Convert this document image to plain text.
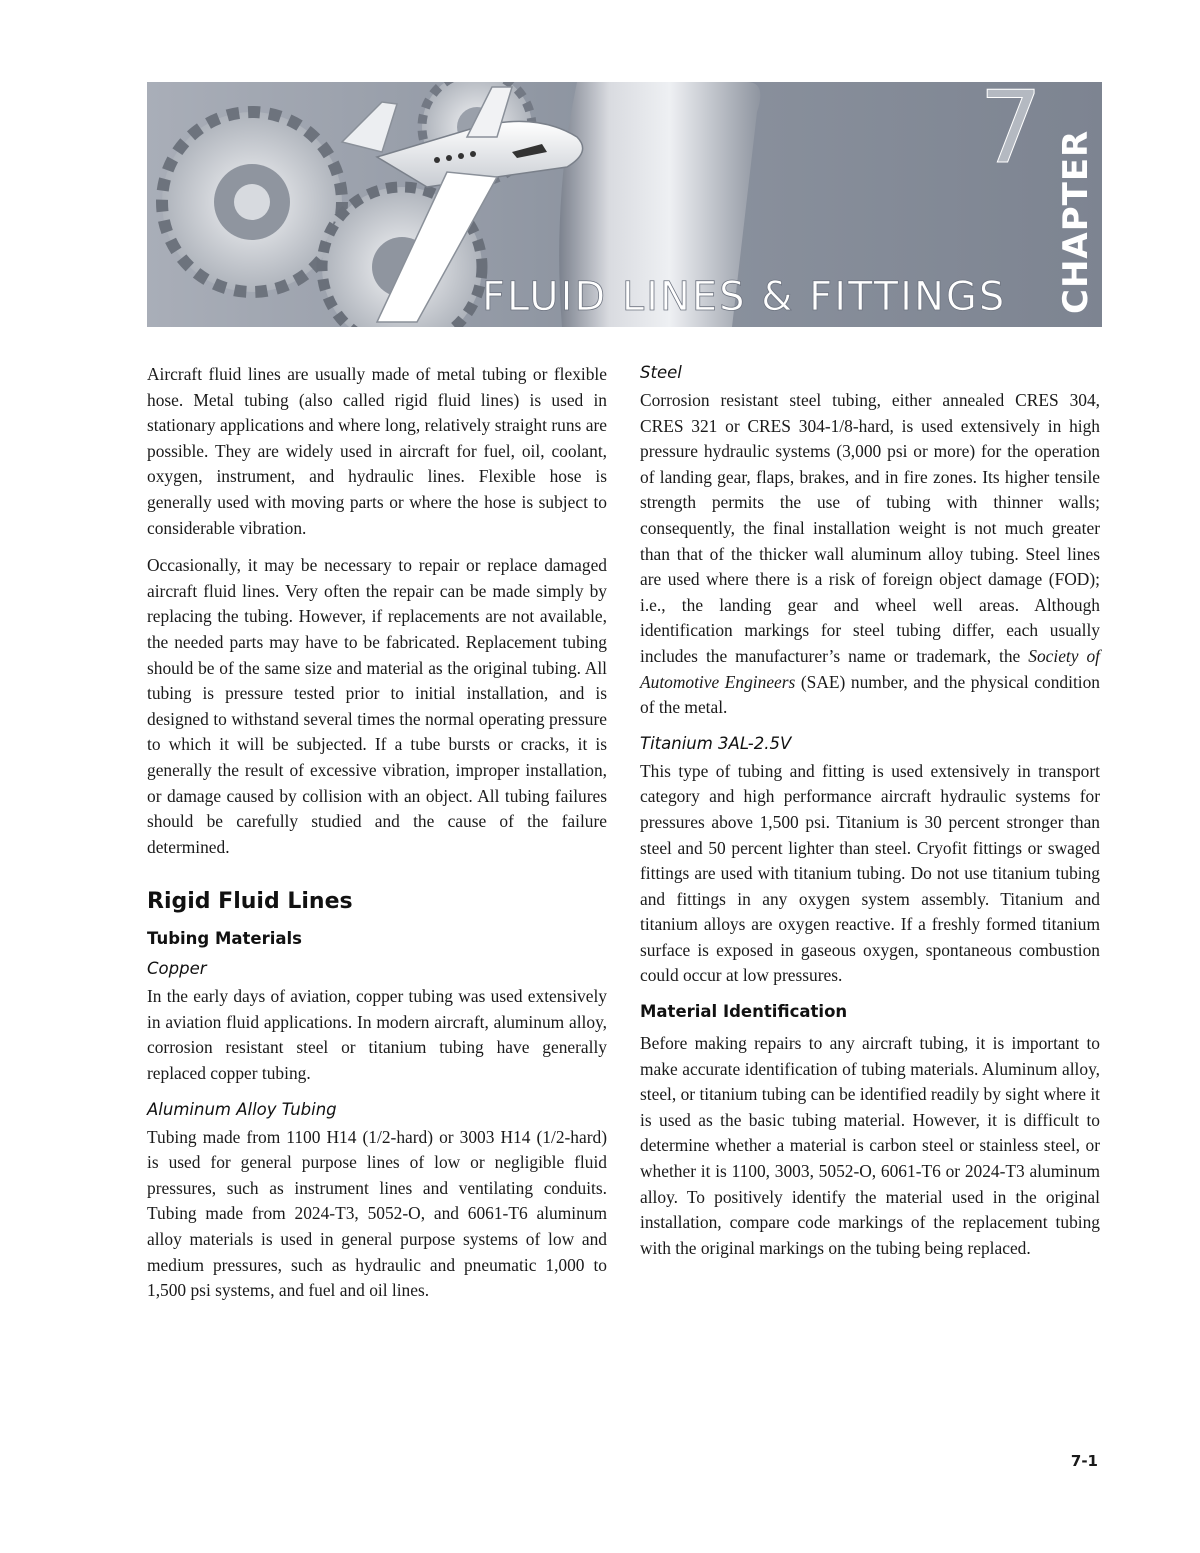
FLUID LINES & FITTINGS CHAPTER
7

Aircraft fluid lines are usually made of metal tubing or flexible hose. Metal tubing (also called rigid fluid lines) is used in stationary applications and where long, relatively straight runs are possible. They are widely used in aircraft for fuel, oil, coolant, oxygen, instrument, and hydraulic lines. Flexible hose is generally used with moving parts or where the hose is subject to considerable vibration.

Occasionally, it may be necessary to repair or replace damaged aircraft fluid lines. Very often the repair can be made simply by replacing the tubing. However, if replacements are not available, the needed parts may have to be fabricated. Replacement tubing should be of the same size and material as the original tubing. All tubing is pressure tested prior to initial installation, and is designed to withstand several times the normal operating pressure to which it will be subjected. If a tube bursts or cracks, it is generally the result of excessive vibration, improper installation, or damage caused by collision with an object. All tubing failures should be carefully studied and the cause of the failure determined.

Rigid Fluid Lines
Tubing Materials
Copper

In the early days of aviation, copper tubing was used extensively in aviation fluid applications. In modern aircraft, aluminum alloy, corrosion resistant steel or titanium tubing have generally replaced copper tubing.

Aluminum Alloy Tubing

Tubing made from 1100 H14 (1/2-hard) or 3003 H14 (1/2-hard) is used for general purpose lines of low or negligible fluid pressures, such as instrument lines and ventilating conduits. Tubing made from 2024-T3, 5052-O, and 6061-T6 aluminum alloy materials is used in general purpose systems of low and medium pressures, such as hydraulic and pneumatic 1,000 to 1,500 psi systems, and fuel and oil lines.

Steel

Corrosion resistant steel tubing, either annealed CRES 304, CRES 321 or CRES 304-1/8-hard, is used extensively in high pressure hydraulic systems (3,000 psi or more) for the operation of landing gear, flaps, brakes, and in fire zones. Its higher tensile strength permits the use of tubing with thinner walls; consequently, the final installation weight is not much greater than that of the thicker wall aluminum alloy tubing. Steel lines are used where there is a risk of foreign object damage (FOD); i.e., the landing gear and wheel well areas. Although identification markings for steel tubing differ, each usually includes the manufacturer’s name or trademark, the Society of Automotive Engineers (SAE) number, and the physical condition of the metal.

Titanium 3AL-2.5V

This type of tubing and fitting is used extensively in transport category and high performance aircraft hydraulic systems for pressures above 1,500 psi. Titanium is 30 percent stronger than steel and 50 percent lighter than steel. Cryofit fittings or swaged fittings are used with titanium tubing. Do not use titanium tubing and fittings in any oxygen system assembly. Titanium and titanium alloys are oxygen reactive. If a freshly formed titanium surface is exposed in gaseous oxygen, spontaneous combustion could occur at low pressures.

Material Identification

Before making repairs to any aircraft tubing, it is important to make accurate identification of tubing materials. Aluminum alloy, steel, or titanium tubing can be identified readily by sight where it is used as the basic tubing material. However, it is difficult to determine whether a material is carbon steel or stainless steel, or whether it is 1100, 3003, 5052-O, 6061-T6 or 2024-T3 aluminum alloy. To positively identify the material used in the original installation, compare code markings of the replacement tubing with the original markings on the tubing being replaced.

7-1
